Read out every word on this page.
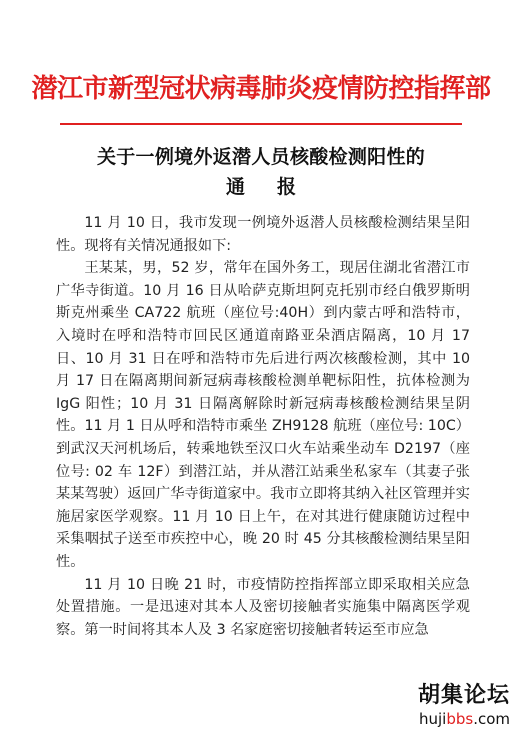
潜江市新型冠状病毒肺炎疫情防控指挥部
关于一例境外返潜人员核酸检测阳性的
通报

11 月 10 日，我市发现一例境外返潜人员核酸检测结果呈阳性。现将有关情况通报如下:

王某某，男，52 岁，常年在国外务工，现居住湖北省潜江市广华寺街道。10 月 16 日从哈萨克斯坦阿克托别市经白俄罗斯明斯克州乘坐 CA722 航班（座位号:40H）到内蒙古呼和浩特市，入境时在呼和浩特市回民区通道南路亚朵酒店隔离，10 月 17 日、10 月 31 日在呼和浩特市先后进行两次核酸检测，其中 10 月 17 日在隔离期间新冠病毒核酸检测单靶标阳性，抗体检测为 IgG 阳性；10 月 31 日隔离解除时新冠病毒核酸检测结果呈阴性。11 月 1 日从呼和浩特市乘坐 ZH9128 航班（座位号: 10C）到武汉天河机场后，转乘地铁至汉口火车站乘坐动车 D2197（座位号: 02 车 12F）到潜江站，并从潜江站乘坐私家车（其妻子张某某驾驶）返回广华寺街道家中。我市立即将其纳入社区管理并实施居家医学观察。11 月 10 日上午，在对其进行健康随访过程中采集咽拭子送至市疾控中心，晚 20 时 45 分其核酸检测结果呈阳性。

11 月 10 日晚 21 时，市疫情防控指挥部立即采取相关应急处置措施。一是迅速对其本人及密切接触者实施集中隔离医学观察。第一时间将其本人及 3 名家庭密切接触者转运至市应急

胡集论坛
hujibbs.com
